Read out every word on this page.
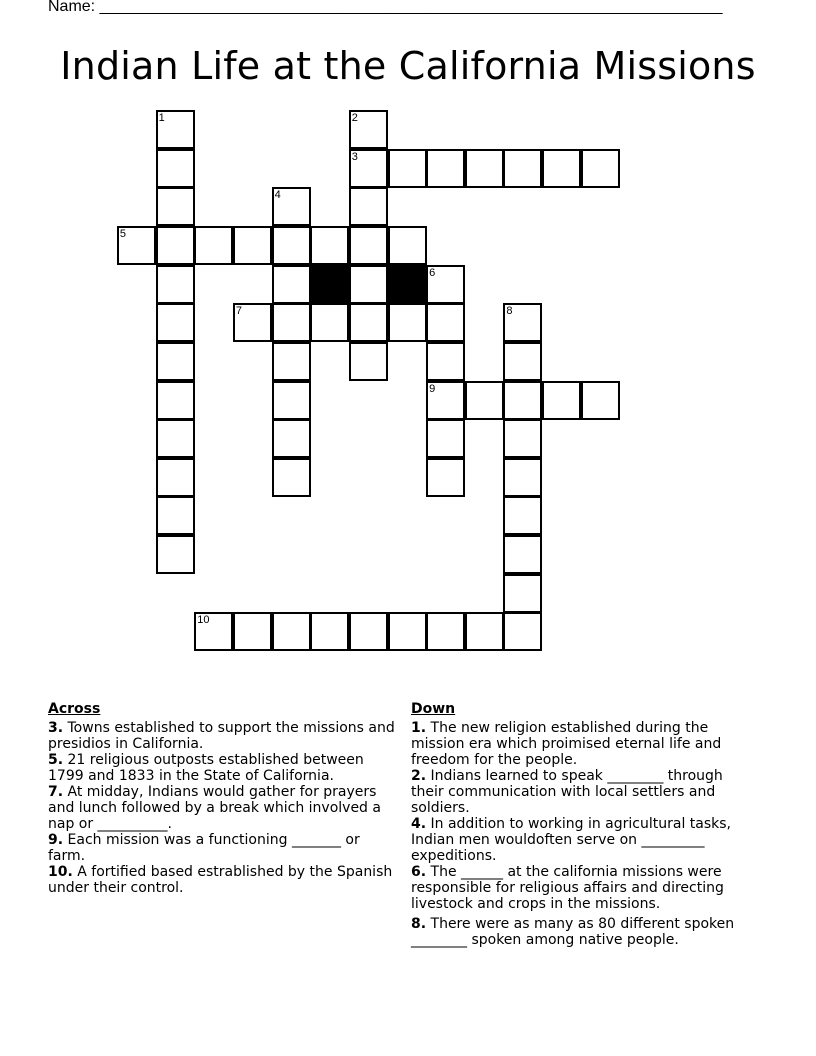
Name: ______________________________________________________________________
Indian Life at the California Missions
1	2
3
4
5
7
6
9
8
10
Across
3. Towns established to support the missions and presidios in California.
5. 21 religious outposts established between 1799 and 1833 in the State of California.
7. At midday, Indians would gather for prayers and lunch followed by a break which involved a nap or __________.
9. Each mission was a functioning _______ or farm.
10. A fortified based estrablished by the Spanish under their control.
Down
1. The new religion established during the mission era which proimised eternal life and freedom for the people.
2. Indians learned to speak ________ through their communication with local settlers and soldiers.
4. In addition to working in agricultural tasks, Indian men wouldoften serve on _________ expeditions.
6. The ______ at the california missions were responsible for religious affairs and directing livestock and crops in the missions.
8. There were as many as 80 different spoken ________ spoken among native people.
